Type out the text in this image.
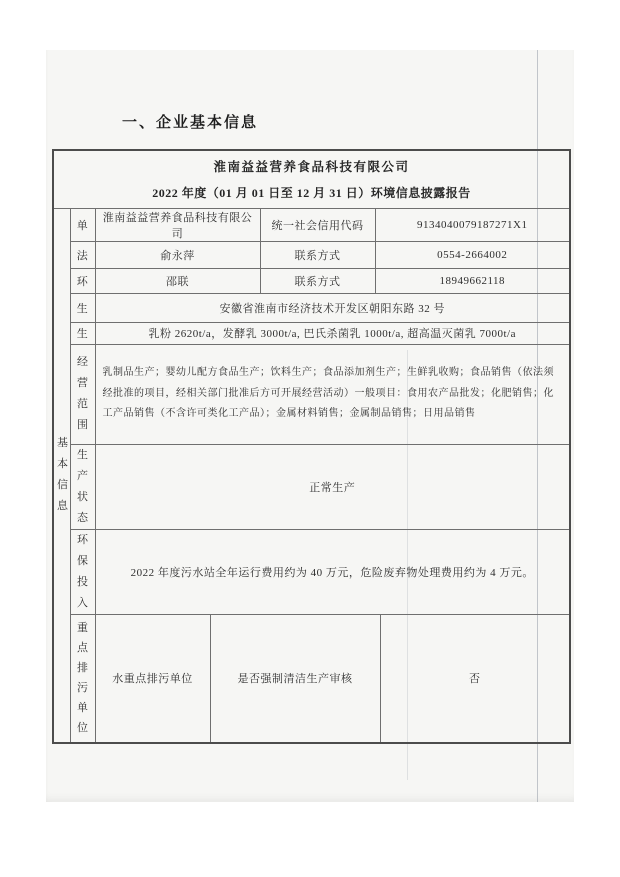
一、企业基本信息
淮南益益营养食品科技有限公司
2022 年度（01 月 01 日至 12 月 31 日）环境信息披露报告						

基本信息	单	淮南益益营养食品科技有限公司		统一社会信用代码	9134040079187271X1	
	法	俞永萍		联系方式	0554-2664002	
	环	邵联		联系方式	18949662118	
	生	安徽省淮南市经济技术开发区朝阳东路 32 号				
	生	乳粉 2620t/a，发酵乳 3000t/a, 巴氏杀菌乳 1000t/a, 超高温灭菌乳 7000t/a				
	经营范围	乳制品生产；婴幼儿配方食品生产；饮料生产；食品添加剂生产；生鲜乳收购；食品销售（依法须经批准的项目，经相关部门批准后方可开展经营活动）一般项目：食用农产品批发；化肥销售；化工产品销售（不含许可类化工产品）；金属材料销售；金属制品销售；日用品销售				
	生产状态	正常生产				
	环保投入	2022 年度污水站全年运行费用约为 40 万元，危险废弃物处理费用约为 4 万元。				
	重点排污单位	水重点排污单位	是否强制清洁生产审核			否
